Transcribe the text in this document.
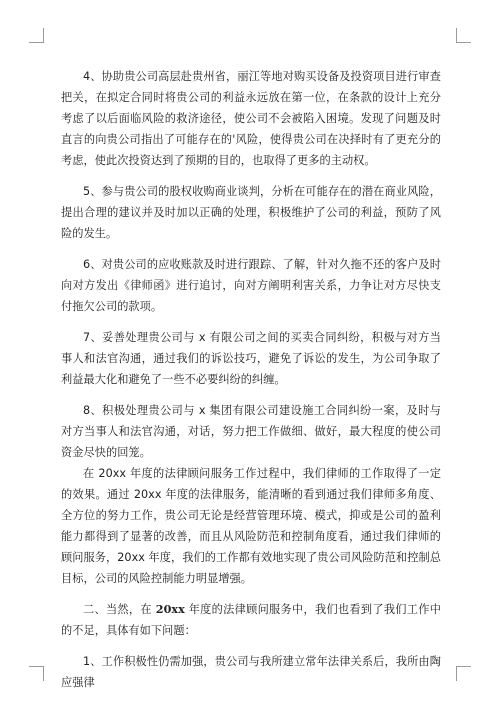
4、协助贵公司高层赴贵州省，丽江等地对购买设备及投资项目进行审查把关，在拟定合同时将贵公司的利益永远放在第一位，在条款的设计上充分考虑了以后面临风险的救济途径，使公司不会被陷入困境。发现了问题及时直言的向贵公司指出了可能存在的'风险，使得贵公司在决择时有了更充分的考虑，使此次投资达到了预期的目的，也取得了更多的主动权。

5、参与贵公司的股权收购商业谈判，分析在可能存在的潜在商业风险，提出合理的建议并及时加以正确的处理，积极维护了公司的利益，预防了风险的发生。

6、对贵公司的应收账款及时进行跟踪、了解，针对久拖不还的客户及时向对方发出《律师函》进行追讨，向对方阐明利害关系，力争让对方尽快支付拖欠公司的款项。

7、妥善处理贵公司与 x 有限公司之间的买卖合同纠纷，积极与对方当事人和法官沟通，通过我们的诉讼技巧，避免了诉讼的发生，为公司争取了利益最大化和避免了一些不必要纠纷的纠缠。

8、积极处理贵公司与 x 集团有限公司建设施工合同纠纷一案，及时与对方当事人和法官沟通，对话，努力把工作做细、做好，最大程度的使公司资金尽快的回笼。

在 20xx 年度的法律顾问服务工作过程中，我们律师的工作取得了一定的效果。通过 20xx 年度的法律服务，能清晰的看到通过我们律师多角度、全方位的努力工作，贵公司无论是经营管理环境、模式，抑或是公司的盈利能力都得到了显著的改善，而且从风险防范和控制角度看，通过我们律师的顾问服务，20xx 年度，我们的工作都有效地实现了贵公司风险防范和控制总目标，公司的风险控制能力明显增强。

二、当然，在 20xx 年度的法律顾问服务中，我们也看到了我们工作中的不足，具体有如下问题：

1、工作积极性仍需加强，贵公司与我所建立常年法律关系后，我所由陶应强律
